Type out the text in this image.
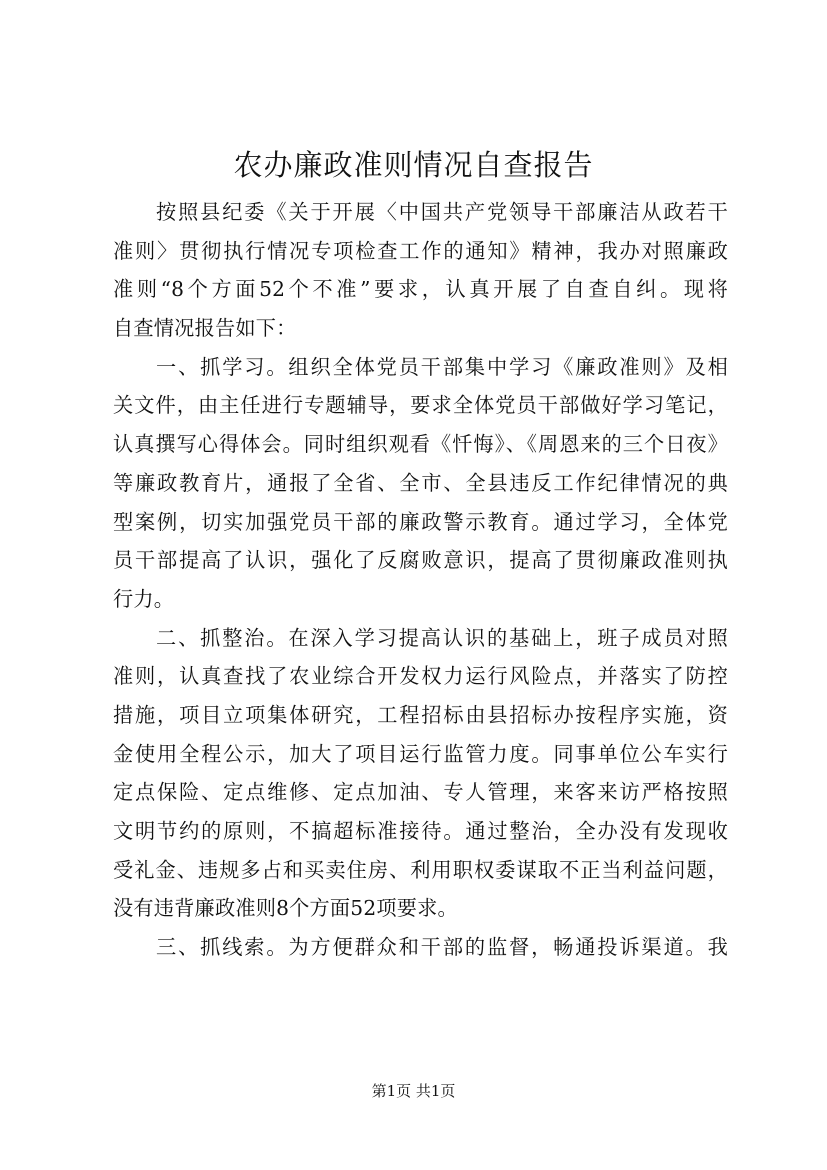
农办廉政准则情况自查报告
按照县纪委《关于开展〈中国共产党领导干部廉洁从政若干
准则〉贯彻执行情况专项检查工作的通知》精神，我办对照廉政
准则“8个方面52个不准”要求，认真开展了自查自纠。现将
自查情况报告如下：
一、抓学习。组织全体党员干部集中学习《廉政准则》及相
关文件，由主任进行专题辅导，要求全体党员干部做好学习笔记，
认真撰写心得体会。同时组织观看《忏悔》、《周恩来的三个日夜》
等廉政教育片，通报了全省、全市、全县违反工作纪律情况的典
型案例，切实加强党员干部的廉政警示教育。通过学习，全体党
员干部提高了认识，强化了反腐败意识，提高了贯彻廉政准则执
行力。
二、抓整治。在深入学习提高认识的基础上，班子成员对照
准则，认真查找了农业综合开发权力运行风险点，并落实了防控
措施，项目立项集体研究，工程招标由县招标办按程序实施，资
金使用全程公示，加大了项目运行监管力度。同事单位公车实行
定点保险、定点维修、定点加油、专人管理，来客来访严格按照
文明节约的原则，不搞超标准接待。通过整治，全办没有发现收
受礼金、违规多占和买卖住房、利用职权委谋取不正当利益问题，
没有违背廉政准则8个方面52项要求。
三、抓线索。为方便群众和干部的监督，畅通投诉渠道。我
第1页 共1页
